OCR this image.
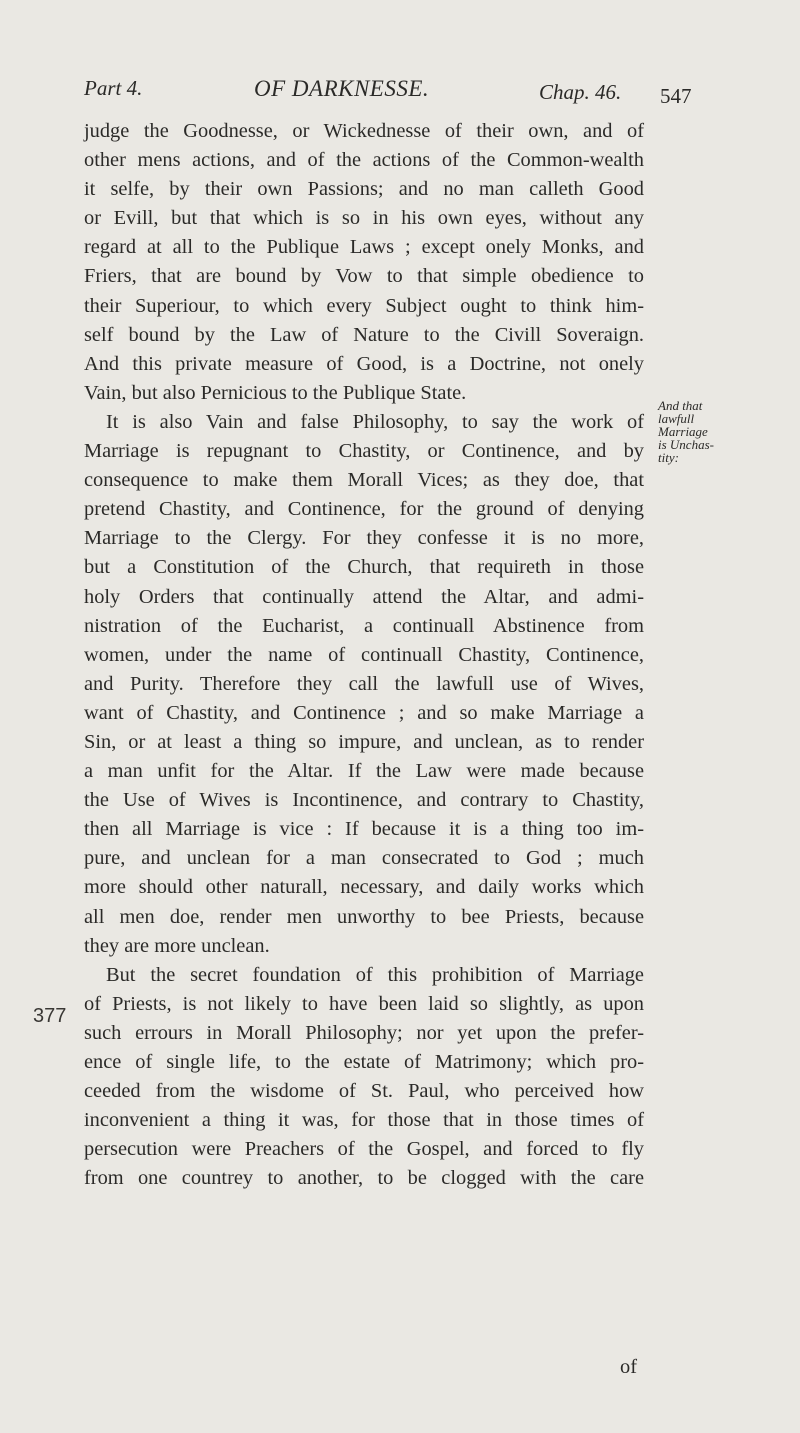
Part 4.	OF DARKNESSE.	Chap. 46. 547
judge the Goodnesse, or Wickednesse of their own, and of
other mens actions, and of the actions of the Common-wealth
it selfe, by their own Passions; and no man calleth Good
or Evill, but that which is so in his own eyes, without any
regard at all to the Publique Laws ; except onely Monks, and
Friers, that are bound by Vow to that simple obedience to
their Superiour, to which every Subject ought to think him-
self bound by the Law of Nature to the Civill Soveraign.
And this private measure of Good, is a Doctrine, not onely
Vain, but also Pernicious to the Publique State.
It is also Vain and false Philosophy, to say the work of
Marriage is repugnant to Chastity, or Continence, and by
consequence to make them Morall Vices; as they doe, that
pretend Chastity, and Continence, for the ground of denying
Marriage to the Clergy. For they confesse it is no more,
but a Constitution of the Church, that requireth in those
holy Orders that continually attend the Altar, and admi-
nistration of the Eucharist, a continuall Abstinence from
women, under the name of continuall Chastity, Continence,
and Purity. Therefore they call the lawfull use of Wives,
want of Chastity, and Continence ; and so make Marriage a
Sin, or at least a thing so impure, and unclean, as to render
a man unfit for the Altar. If the Law were made because
the Use of Wives is Incontinence, and contrary to Chastity,
then all Marriage is vice : If because it is a thing too im-
pure, and unclean for a man consecrated to God ; much
more should other naturall, necessary, and daily works which
all men doe, render men unworthy to bee Priests, because
they are more unclean.
But the secret foundation of this prohibition of Marriage
of Priests, is not likely to have been laid so slightly, as upon
such errours in Morall Philosophy; nor yet upon the prefer-
ence of single life, to the estate of Matrimony; which pro-
ceeded from the wisdome of St. Paul, who perceived how
inconvenient a thing it was, for those that in those times of
persecution were Preachers of the Gospel, and forced to fly
from one countrey to another, to be clogged with the care
And that
lawfull
Marriage
is Unchas-
tity:
377
of
